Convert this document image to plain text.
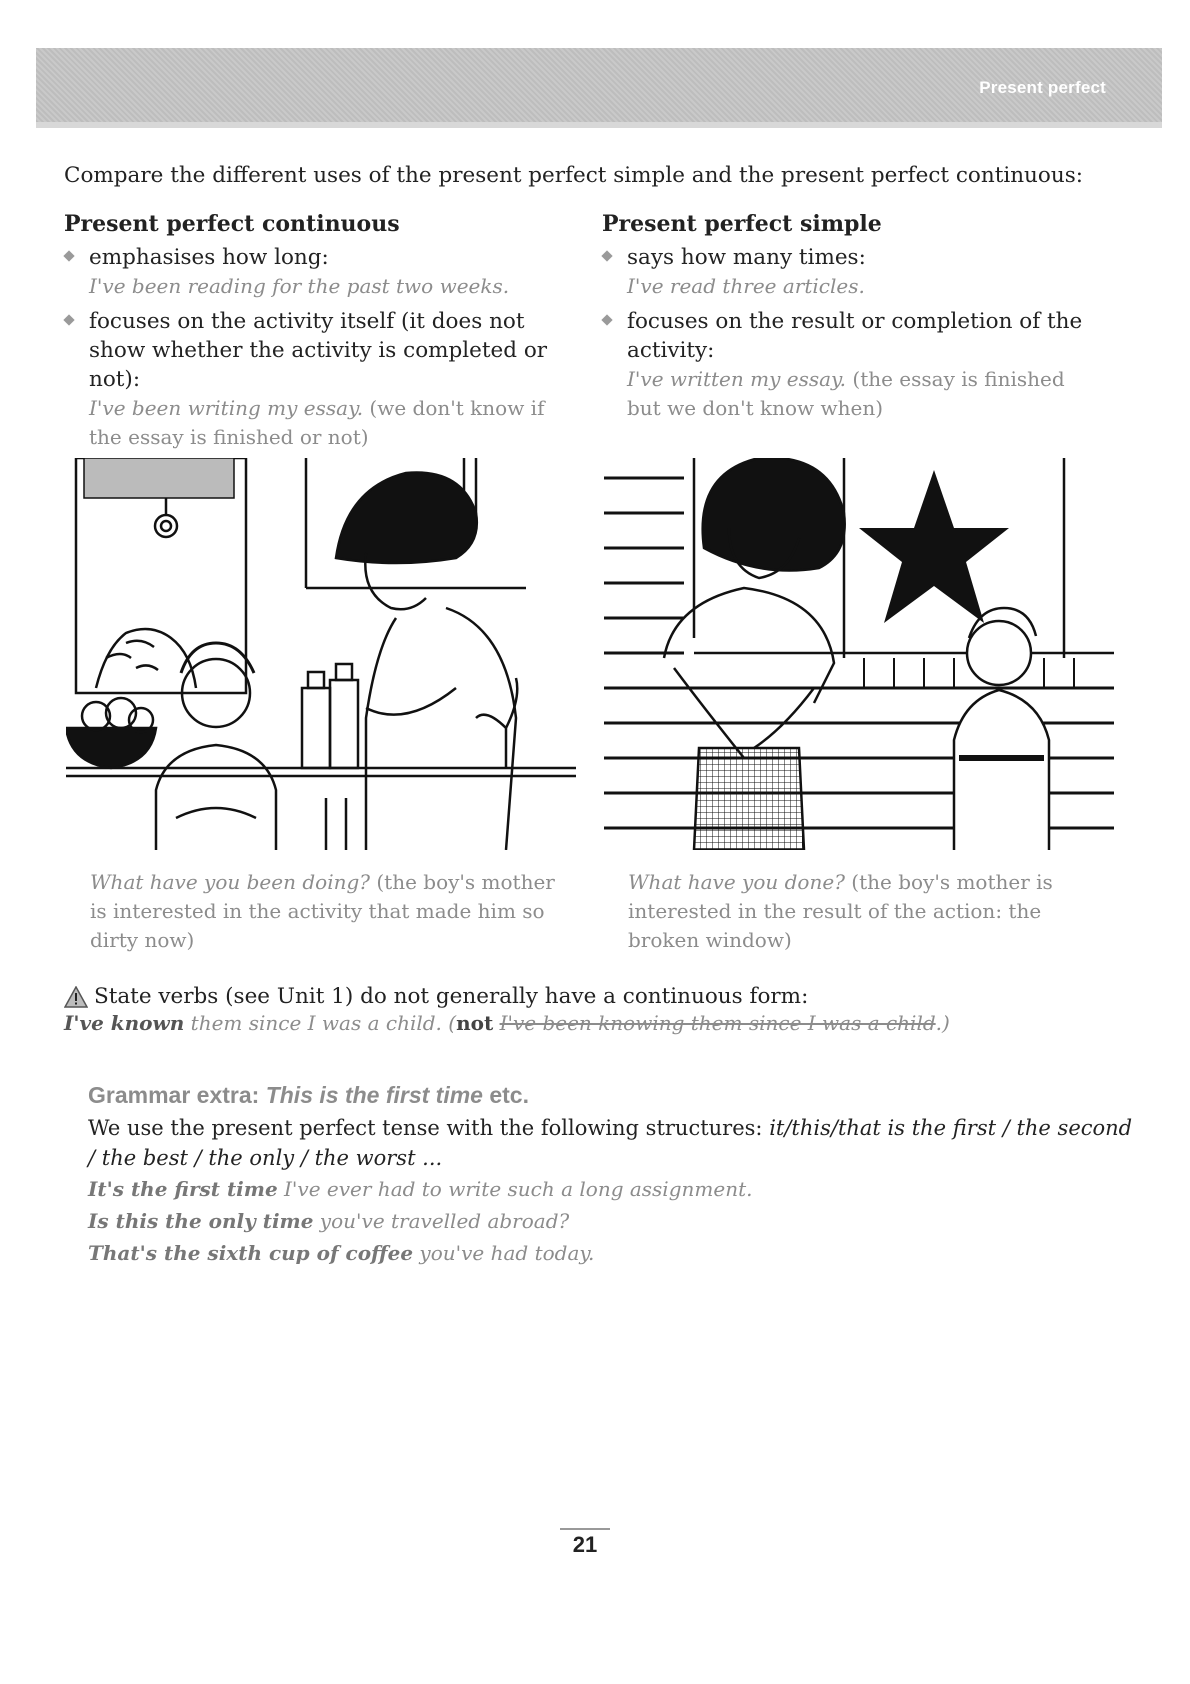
Present perfect
Compare the different uses of the present perfect simple and the present perfect continuous:
Present perfect continuous
emphasises how long:
I've been reading for the past two weeks.
focuses on the activity itself (it does not show whether the activity is completed or not):
I've been writing my essay. (we don't know if the essay is finished or not)
Present perfect simple
says how many times:
I've read three articles.
focuses on the result or completion of the activity:
I've written my essay. (the essay is finished but we don't know when)
What have you been doing? (the boy's mother is interested in the activity that made him so dirty now)
What have you done? (the boy's mother is interested in the result of the action: the broken window)
State verbs (see Unit 1) do not generally have a continuous form:
I've known them since I was a child. (not I've been knowing them since I was a child.)
Grammar extra: This is the first time etc.
We use the present perfect tense with the following structures: it/this/that is the first / the second / the best / the only / the worst ...
It's the first time I've ever had to write such a long assignment.
Is this the only time you've travelled abroad?
That's the sixth cup of coffee you've had today.
21
